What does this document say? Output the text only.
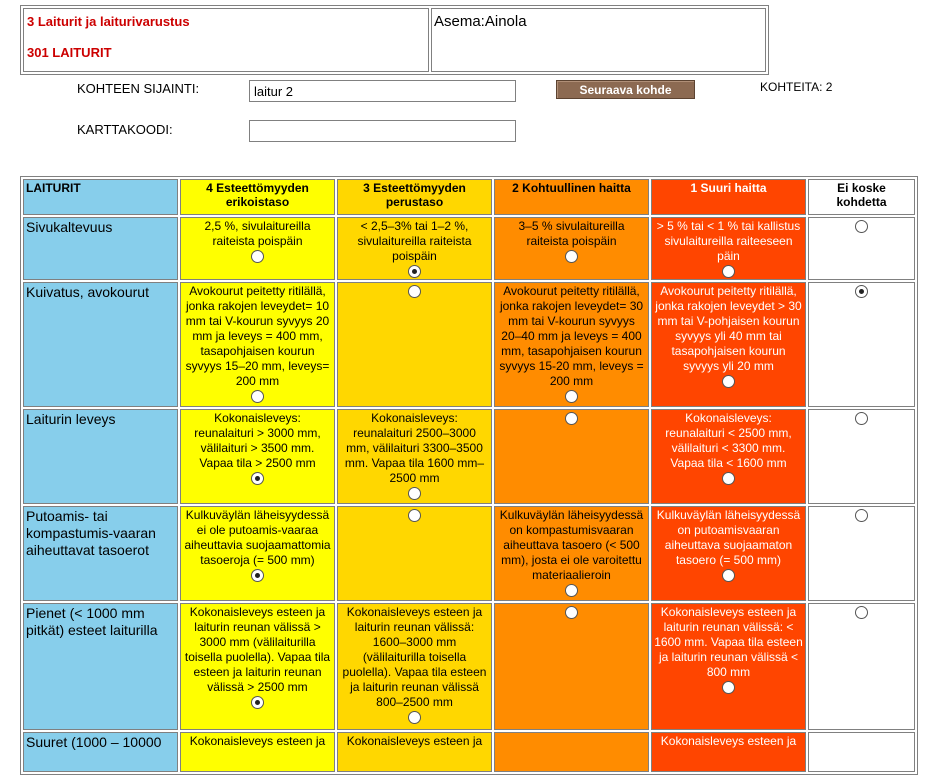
3 Laiturit ja laiturivarustus
301 LAITURIT
Asema:Ainola
KOHTEEN SIJAINTI:
laitur 2	Seuraava kohde	KOHTEITA: 2
KARTTAKOODI:
LAITURIT	4 Esteettömyyden erikoistaso	3 Esteettömyyden perustaso	2 Kohtuullinen haitta	1 Suuri haitta	Ei koske kohdetta
Sivukaltevuus	2,5 %, sivulaitureilla raiteista poispäin	< 2,5–3% tai 1–2 %, sivulaitureilla raiteista poispäin	3–5 % sivulaitureilla raiteista poispäin	> 5 % tai < 1 % tai kallistus sivulaitureilla raiteeseen päin	

Kuivatus, avokourut	Avokourut peitetty ritilällä, jonka rakojen leveydet= 10 mm tai V-kourun syvyys 20 mm ja leveys = 400 mm, tasapohjaisen kourun syvyys 15–20 mm, leveys= 200 mm		Avokourut peitetty ritilällä, jonka rakojen leveydet= 30 mm tai V-kourun syvyys 20–40 mm ja leveys = 400 mm, tasapohjaisen kourun syvyys 15-20 mm, leveys = 200 mm	Avokourut peitetty ritilällä, jonka rakojen leveydet > 30 mm tai V-pohjaisen kourun syvyys yli 40 mm tai tasapohjaisen kourun syvyys yli 20 mm	

Laiturin leveys	Kokonaisleveys: reunalaituri > 3000 mm, välilaituri > 3500 mm. Vapaa tila > 2500 mm	Kokonaisleveys: reunalaituri 2500–3000 mm, välilaituri 3300–3500 mm. Vapaa tila 1600 mm–2500 mm		Kokonaisleveys: reunalaituri < 2500 mm, välilaituri < 3300 mm. Vapaa tila < 1600 mm	

Putoamis- tai kompastumis-vaaran aiheuttavat tasoerot	Kulkuväylän läheisyydessä ei ole putoamis-vaaraa aiheuttavia suojaamattomia tasoeroja (= 500 mm)		Kulkuväylän läheisyydessä on kompastumisvaaran aiheuttava tasoero (< 500 mm), josta ei ole varoitettu materiaalieroin	Kulkuväylän läheisyydessä on putoamisvaaran aiheuttava suojaamaton tasoero (= 500 mm)	

Pienet (< 1000 mm pitkät) esteet laiturilla	Kokonaisleveys esteen ja laiturin reunan välissä > 3000 mm (välilaiturilla toisella puolella). Vapaa tila esteen ja laiturin reunan välissä > 2500 mm	Kokonaisleveys esteen ja laiturin reunan välissä: 1600–3000 mm (välilaiturilla toisella puolella). Vapaa tila esteen ja laiturin reunan välissä 800–2500 mm		Kokonaisleveys esteen ja laiturin reunan välissä: < 1600 mm. Vapaa tila esteen ja laiturin reunan välissä < 800 mm	

Suuret (1000 – 10000	Kokonaisleveys esteen ja	Kokonaisleveys esteen ja		Kokonaisleveys esteen ja	
